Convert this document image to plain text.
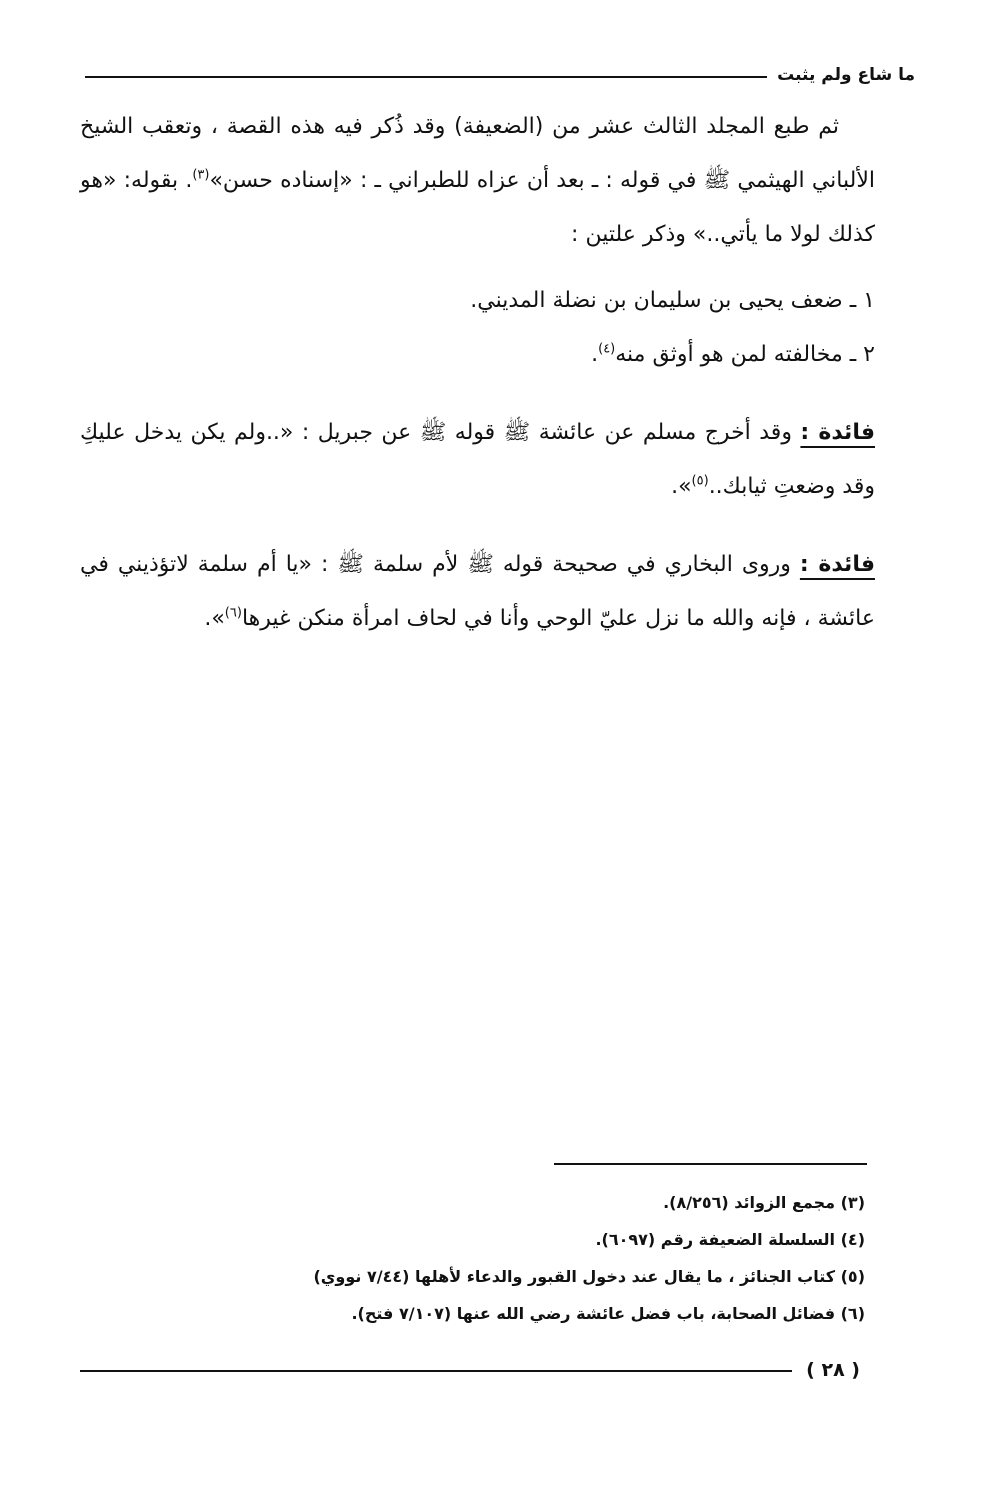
ما شاع ولم يثبت

ثم طبع المجلد الثالث عشر من (الضعيفة) وقد ذُكر فيه هذه القصة ، وتعقب الشيخ الألباني الهيثمي ﷺ في قوله : ـ بعد أن عزاه للطبراني ـ : «إسناده حسن»$^{(٣)}$. بقوله: «هو كذلك لولا ما يأتي..» وذكر علتين :

١ ـ ضعف يحيى بن سليمان بن نضلة المديني.

٢ ـ مخالفته لمن هو أوثق منه$^{(٤)}$.

فائدة : وقد أخرج مسلم عن عائشة ﷺ قوله ﷺ عن جبريل : «..ولم يكن يدخل عليكِ وقد وضعتِ ثيابك..$^{(٥)}$».

فائدة : وروى البخاري في صحيحة قوله ﷺ لأم سلمة ﷺ : «يا أم سلمة لاتؤذيني في عائشة ، فإنه والله ما نزل عليّ الوحي وأنا في لحاف امرأة منكن غيرها$^{(٦)}$».

(٣) مجمع الزوائد (٨/٢٥٦).

(٤) السلسلة الضعيفة رقم (٦٠٩٧).

(٥) كتاب الجنائز ، ما يقال عند دخول القبور والدعاء لأهلها (٧/٤٤ نووي)

(٦) فضائل الصحابة، باب فضل عائشة رضي الله عنها (٧/١٠٧ فتح).

( ٢٨ )
